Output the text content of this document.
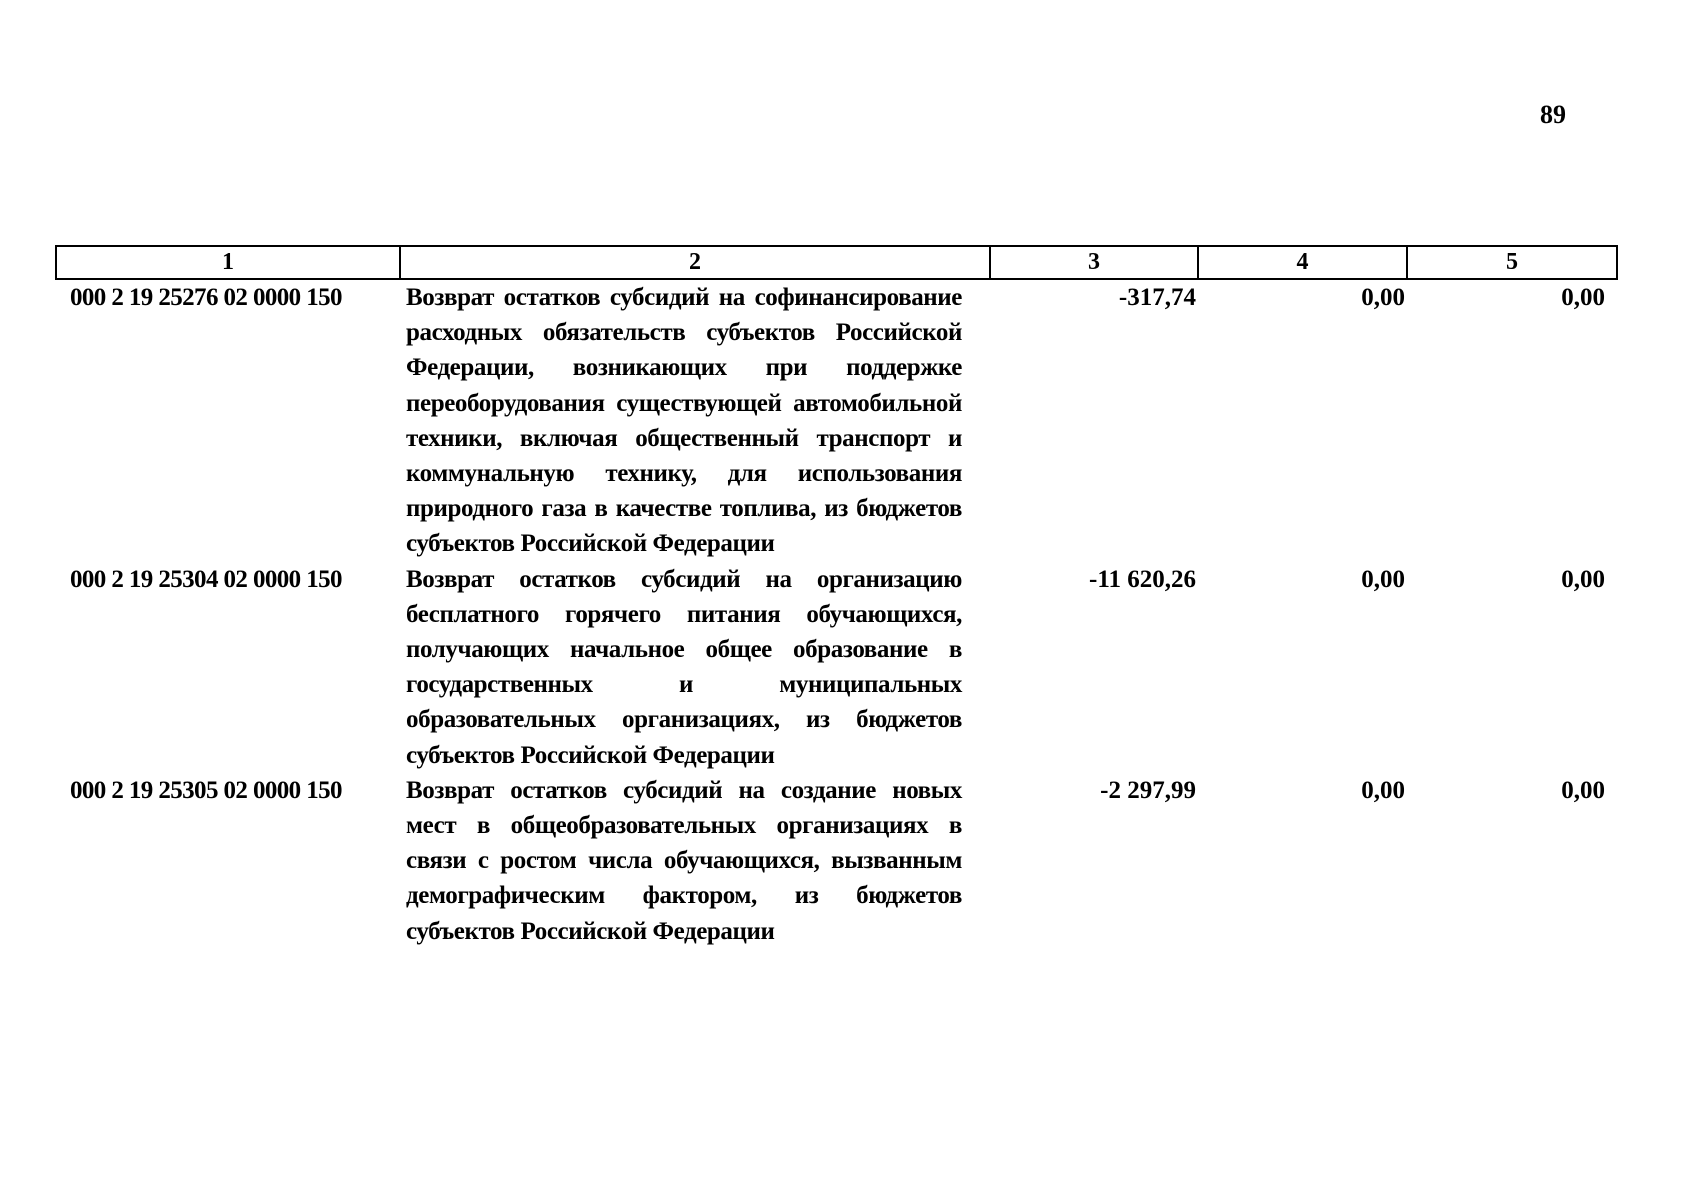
89
1	2	3	4	5
000 2 19 25276 02 0000 150	Возврат остатков субсидий на софинансирование расходных обязательств субъектов Российской Федерации, возникающих при поддержке переоборудования существующей автомобильной техники, включая общественный транспорт и коммунальную технику, для использования природного газа в качестве топлива, из бюджетов субъектов Российской Федерации	-317,74	0,00	0,00
000 2 19 25304 02 0000 150	Возврат остатков субсидий на организацию бесплатного горячего питания обучающихся, получающих начальное общее образование в государственных и муниципальных образовательных организациях, из бюджетов субъектов Российской Федерации	-11 620,26	0,00	0,00
000 2 19 25305 02 0000 150	Возврат остатков субсидий на создание новых мест в общеобразовательных организациях в связи с ростом числа обучающихся, вызванным демографическим фактором, из бюджетов субъектов Российской Федерации	-2 297,99	0,00	0,00
